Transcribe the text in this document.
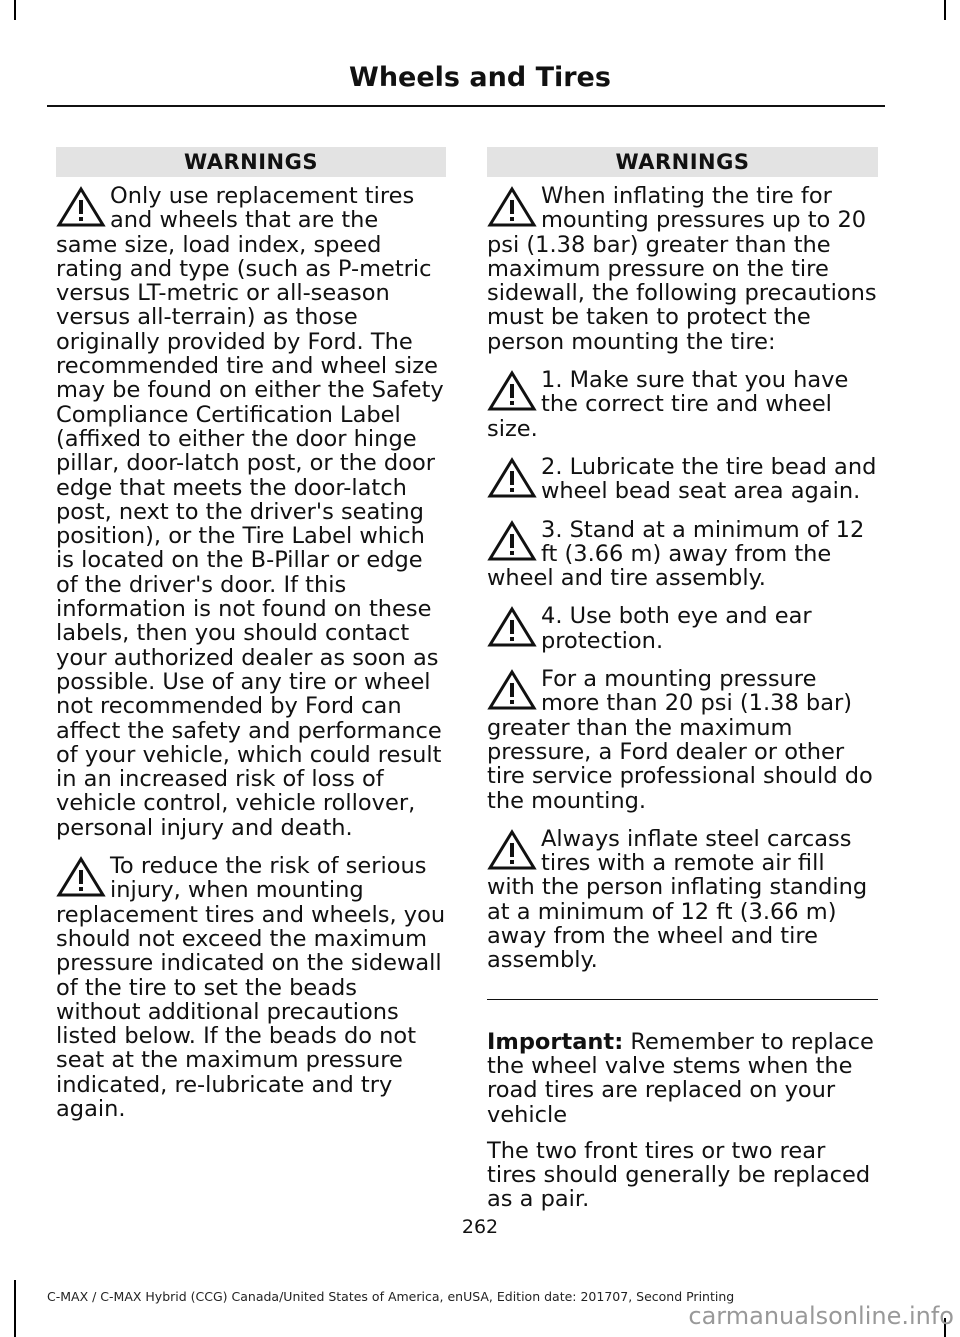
Wheels and Tires
WARNINGS
Only use replacement tires and wheels that are the same size, load index, speed rating and type (such as P-metric versus LT-metric or all-season versus all-terrain) as those originally provided by Ford. The recommended tire and wheel size may be found on either the Safety Compliance Certification Label (affixed to either the door hinge pillar, door-latch post, or the door edge that meets the door-latch post, next to the driver's seating position), or the Tire Label which is located on the B-Pillar or edge of the driver's door. If this information is not found on these labels, then you should contact your authorized dealer as soon as possible. Use of any tire or wheel not recommended by Ford can affect the safety and performance of your vehicle, which could result in an increased risk of loss of vehicle control, vehicle rollover, personal injury and death.
To reduce the risk of serious injury, when mounting replacement tires and wheels, you should not exceed the maximum pressure indicated on the sidewall of the tire to set the beads without additional precautions listed below. If the beads do not seat at the maximum pressure indicated, re-lubricate and try again.
WARNINGS
When inflating the tire for mounting pressures up to 20 psi (1.38 bar) greater than the maximum pressure on the tire sidewall, the following precautions must be taken to protect the person mounting the tire:
1. Make sure that you have the correct tire and wheel size.
2. Lubricate the tire bead and wheel bead seat area again.
3. Stand at a minimum of 12 ft (3.66 m) away from the wheel and tire assembly.
4. Use both eye and ear protection.
For a mounting pressure more than 20 psi (1.38 bar) greater than the maximum pressure, a Ford dealer or other tire service professional should do the mounting.
Always inflate steel carcass tires with a remote air fill with the person inflating standing at a minimum of 12 ft (3.66 m) away from the wheel and tire assembly.

Important: Remember to replace the wheel valve stems when the road tires are replaced on your vehicle

The two front tires or two rear tires should generally be replaced as a pair.

262
C-MAX / C-MAX Hybrid (CCG) Canada/United States of America, enUSA, Edition date: 201707, Second Printing
carmanualsonline.info
